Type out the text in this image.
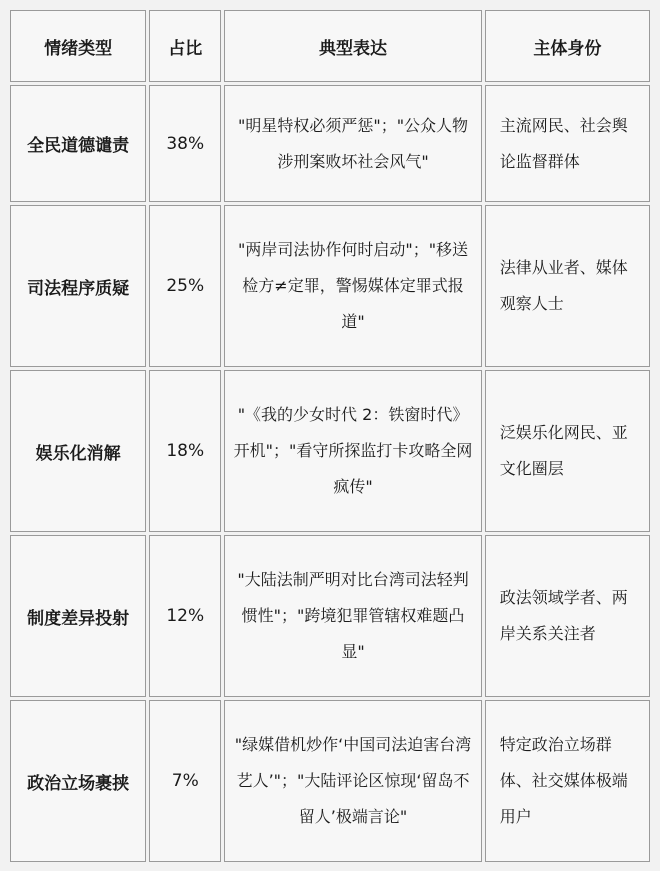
情绪类型	占比	典型表达	主体身份
全民道德谴责	38%	"明星特权必须严惩"；"公众人物涉刑案败坏社会风气"	主流网民、社会舆论监督群体
司法程序质疑	25%	"两岸司法协作何时启动"；"移送检方≠定罪，警惕媒体定罪式报道"	法律从业者、媒体观察人士
娱乐化消解	18%	"《我的少女时代 2：铁窗时代》开机"；"看守所探监打卡攻略全网疯传"	泛娱乐化网民、亚文化圈层
制度差异投射	12%	"大陆法制严明对比台湾司法轻判惯性"；"跨境犯罪管辖权难题凸显"	政法领域学者、两岸关系关注者
政治立场裹挟	7%	"绿媒借机炒作‘中国司法迫害台湾艺人’"；"大陆评论区惊现‘留岛不留人’极端言论"	特定政治立场群体、社交媒体极端用户
